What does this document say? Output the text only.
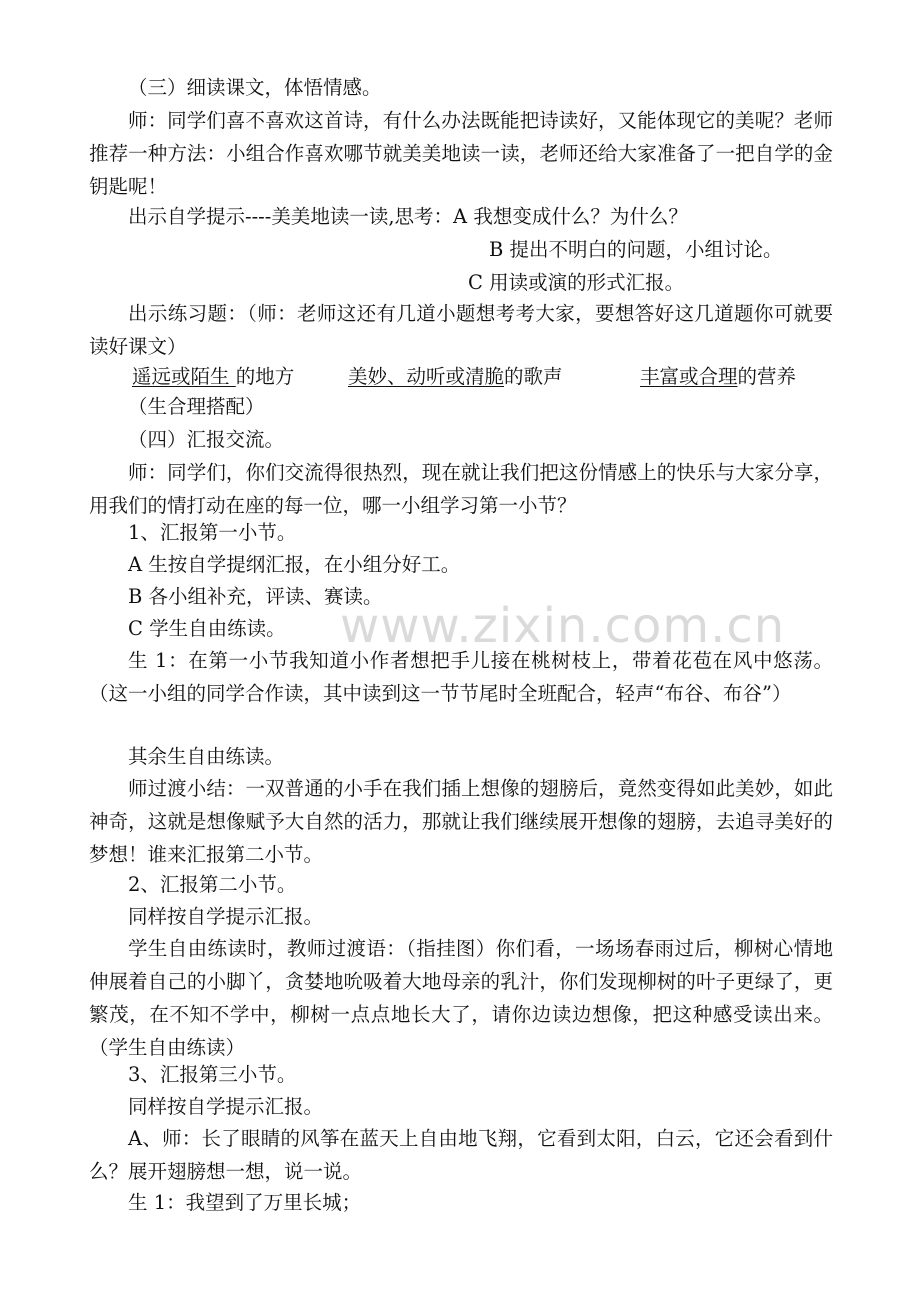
www.zixin.com.cn
（三）细读课文，体悟情感。
师：同学们喜不喜欢这首诗，有什么办法既能把诗读好，又能体现它的美呢？老师推荐一种方法：小组合作喜欢哪节就美美地读一读，老师还给大家准备了一把自学的金钥匙呢！
出示自学提示----美美地读一读,思考：A 我想变成什么？为什么？
B 提出不明白的问题，小组讨论。
C 用读或演的形式汇报。
出示练习题：（师：老师这还有几道小题想考考大家，要想答好这几道题你可就要读好课文）
遥远或陌生 的地方	美妙、动听或清脆的歌声	丰富或合理的营养
（生合理搭配）
（四）汇报交流。
师：同学们，你们交流得很热烈，现在就让我们把这份情感上的快乐与大家分享，用我们的情打动在座的每一位，哪一小组学习第一小节？
1、汇报第一小节。
A 生按自学提纲汇报，在小组分好工。
B 各小组补充，评读、赛读。
C 学生自由练读。
生 1：在第一小节我知道小作者想把手儿接在桃树枝上，带着花苞在风中悠荡。（这一小组的同学合作读，其中读到这一节节尾时全班配合，轻声“布谷、布谷”）
其余生自由练读。
师过渡小结：一双普通的小手在我们插上想像的翅膀后，竟然变得如此美妙，如此神奇，这就是想像赋予大自然的活力，那就让我们继续展开想像的翅膀，去追寻美好的梦想！谁来汇报第二小节。
2、汇报第二小节。
同样按自学提示汇报。
学生自由练读时，教师过渡语：（指挂图）你们看，一场场春雨过后，柳树心情地伸展着自己的小脚丫，贪婪地吮吸着大地母亲的乳汁，你们发现柳树的叶子更绿了，更繁茂，在不知不学中，柳树一点点地长大了，请你边读边想像，把这种感受读出来。（学生自由练读）
3、汇报第三小节。
同样按自学提示汇报。
A、师：长了眼睛的风筝在蓝天上自由地飞翔，它看到太阳，白云，它还会看到什么？展开翅膀想一想，说一说。
生 1：我望到了万里长城；
